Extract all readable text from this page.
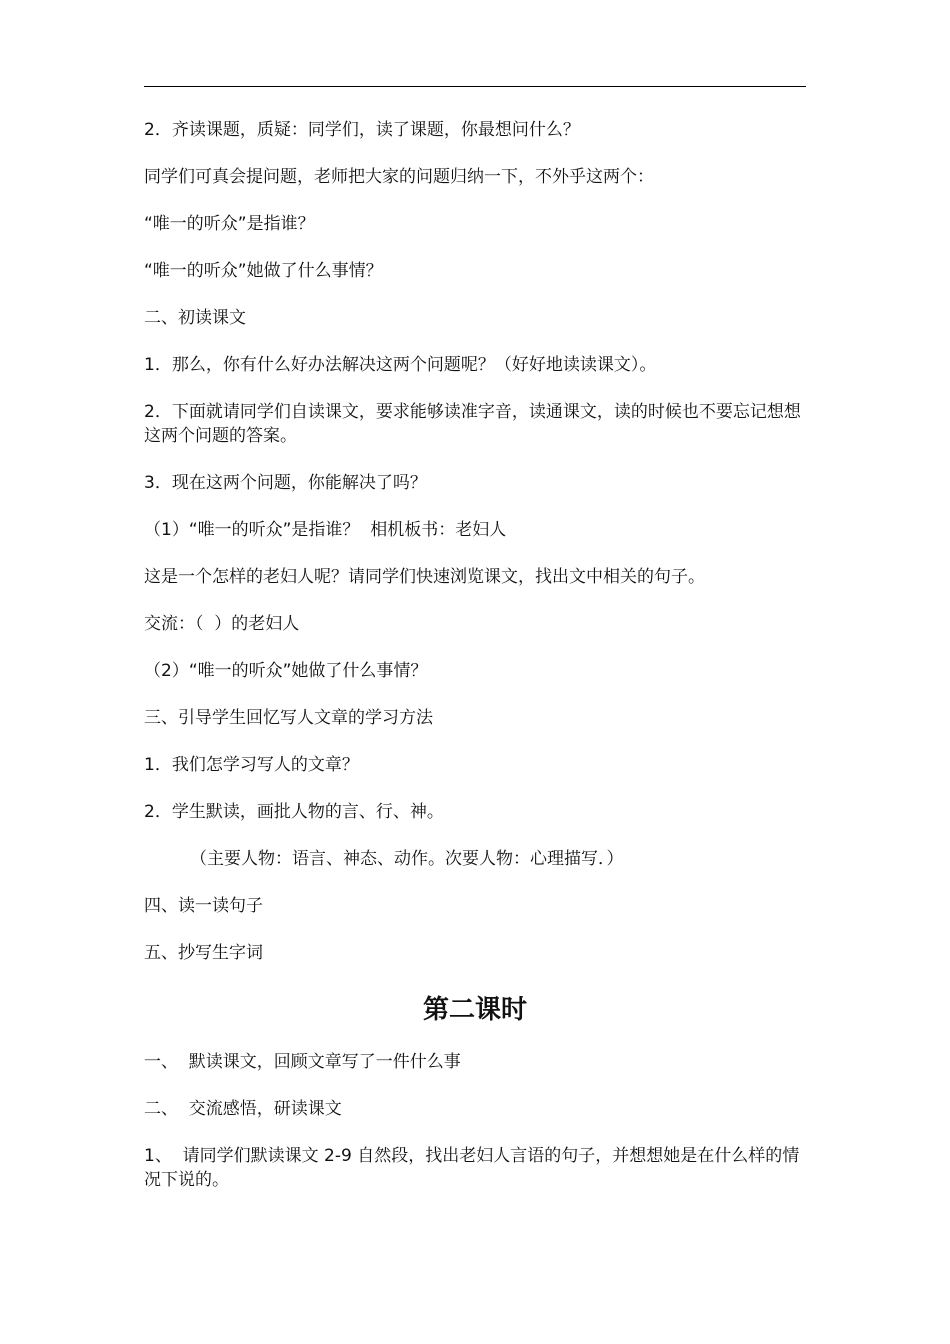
2．齐读课题，质疑：同学们，读了课题，你最想问什么？

同学们可真会提问题，老师把大家的问题归纳一下，不外乎这两个：

“唯一的听众”是指谁？

“唯一的听众”她做了什么事情？

二、初读课文

1．那么，你有什么好办法解决这两个问题呢？（好好地读读课文）。

2．下面就请同学们自读课文，要求能够读准字音，读通课文，读的时候也不要忘记想想这两个问题的答案。

3．现在这两个问题，你能解决了吗？

（1）“唯一的听众”是指谁？  相机板书：老妇人

这是一个怎样的老妇人呢？请同学们快速浏览课文，找出文中相关的句子。

交流：（  ）的老妇人

（2）“唯一的听众”她做了什么事情？

三、引导学生回忆写人文章的学习方法

1．我们怎学习写人的文章？

2．学生默读，画批人物的言、行、神。

（主要人物：语言、神态、动作。次要人物：心理描写．）

四、读一读句子

五、抄写生字词

第二课时

一、  默读课文，回顾文章写了一件什么事

二、  交流感悟，研读课文

1、  请同学们默读课文 2-9 自然段，找出老妇人言语的句子，并想想她是在什么样的情况下说的。
